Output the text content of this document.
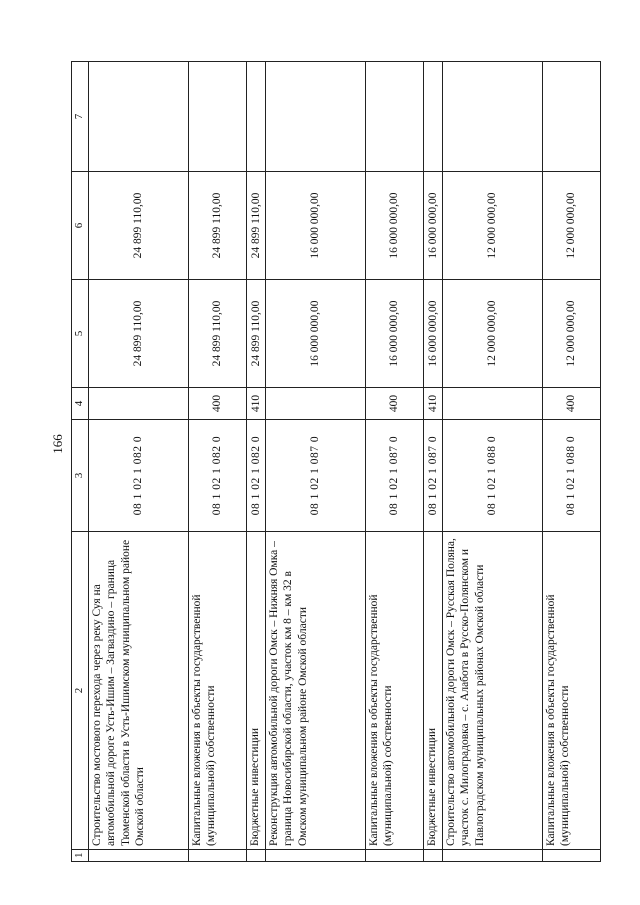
166
1	2	3	4	5	6	7
	Строительство мостового перехода через реку Суя на автомобильной дороге Усть-Ишим – Загваздино – граница Тюменской области в Усть-Ишимском муниципальном районе Омской области	08 1 02 1 082 0		24 899 110,00	24 899 110,00	
	Капитальные вложения в объекты государственной (муниципальной) собственности	08 1 02 1 082 0	400	24 899 110,00	24 899 110,00	
	Бюджетные инвестиции	08 1 02 1 082 0	410	24 899 110,00	24 899 110,00	
	Реконструкция автомобильной дороги Омск – Нижняя Омка – граница Новосибирской области, участок км 8 – км 32 в Омском муниципальном районе Омской области	08 1 02 1 087 0		16 000 000,00	16 000 000,00	
	Капитальные вложения в объекты государственной (муниципальной) собственности	08 1 02 1 087 0	400	16 000 000,00	16 000 000,00	
	Бюджетные инвестиции	08 1 02 1 087 0	410	16 000 000,00	16 000 000,00	
	Строительство автомобильной дороги Омск – Русская Поляна, участок с. Милоградовка – с. Алабота в Русско-Полянском и Павлоградском муниципальных районах Омской области	08 1 02 1 088 0		12 000 000,00	12 000 000,00	
	Капитальные вложения в объекты государственной (муниципальной) собственности	08 1 02 1 088 0	400	12 000 000,00	12 000 000,00	
